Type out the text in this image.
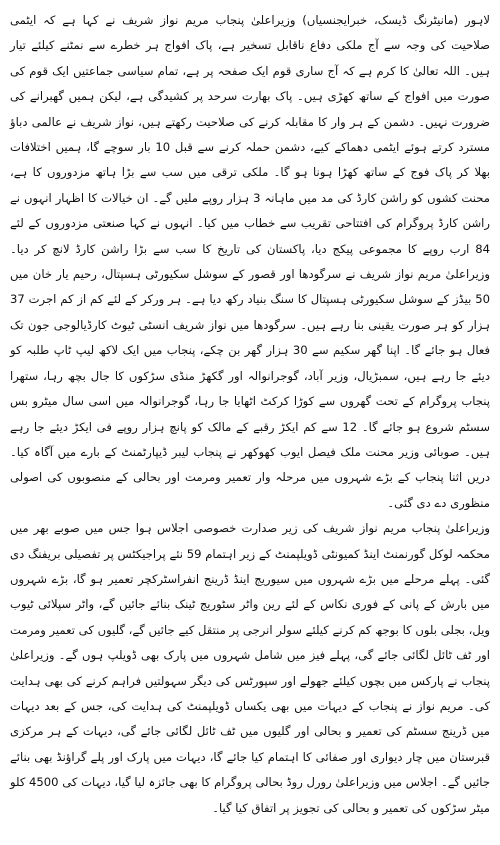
لاہور (مانیٹرنگ ڈیسک، خبرایجنسیاں) وزیراعلیٰ پنجاب مریم نواز شریف نے کہا ہے کہ ایٹمی صلاحیت کی وجہ سے آج ملکی دفاع ناقابل تسخیر ہے، پاک افواج ہر خطرے سے نمٹنے کیلئے تیار ہیں۔ اللہ تعالیٰ کا کرم ہے کہ آج ساری قوم ایک صفحہ پر ہے، تمام سیاسی جماعتیں ایک قوم کی صورت میں افواج کے ساتھ کھڑی ہیں۔ پاک بھارت سرحد پر کشیدگی ہے، لیکن ہمیں گھبرانے کی ضرورت نہیں۔ دشمن کے ہر وار کا مقابلہ کرنے کی صلاحیت رکھتے ہیں، نواز شریف نے عالمی دباؤ مسترد کرتے ہوئے ایٹمی دھماکے کیے، دشمن حملہ کرنے سے قبل 10 بار سوچے گا، ہمیں اختلافات بھلا کر پاک فوج کے ساتھ کھڑا ہونا ہو گا۔ ملکی ترقی میں سب سے بڑا ہاتھ مزدوروں کا ہے، محنت کشوں کو راشن کارڈ کی مد میں ماہانہ 3 ہزار روپے ملیں گے۔ ان خیالات کا اظہار انہوں نے راشن کارڈ پروگرام کی افتتاحی تقریب سے خطاب میں کیا۔ انہوں نے کہا صنعتی مزدوروں کے لئے 84 ارب روپے کا مجموعی پیکج دیا، پاکستان کی تاریخ کا سب سے بڑا راشن کارڈ لانچ کر دیا۔ وزیراعلیٰ مریم نواز شریف نے سرگودھا اور قصور کے سوشل سکیورٹی ہسپتال، رحیم یار خان میں 50 بیڈز کے سوشل سکیورٹی ہسپتال کا سنگ بنیاد رکھ دیا ہے۔ ہر ورکر کے لئے کم از کم اجرت 37 ہزار کو ہر صورت یقینی بنا رہے ہیں۔ سرگودھا میں نواز شریف انسٹی ٹیوٹ کارڈیالوجی جون تک فعال ہو جائے گا۔ اپنا گھر سکیم سے 30 ہزار گھر بن چکے، پنجاب میں ایک لاکھ لیپ ٹاپ طلبہ کو دیئے جا رہے ہیں، سمبڑیال، وزیر آباد، گوجرانوالہ اور گکھڑ منڈی سڑکوں کا جال بچھ رہا، ستھرا پنجاب پروگرام کے تحت گھروں سے کوڑا کرکٹ اٹھایا جا رہا، گوجرانوالہ میں اسی سال میٹرو بس سسٹم شروع ہو جائے گا۔ 12 سے کم ایکڑ رقبے کے مالک کو پانچ ہزار روپے فی ایکڑ دیئے جا رہے ہیں۔ صوبائی وزیر محنت ملک فیصل ایوب کھوکھر نے پنجاب لیبر ڈیپارٹمنٹ کے بارے میں آگاہ کیا۔ دریں اثنا پنجاب کے بڑے شہروں میں مرحلہ وار تعمیر ومرمت اور بحالی کے منصوبوں کی اصولی منظوری دے دی گئی۔

وزیراعلیٰ پنجاب مریم نواز شریف کی زیر صدارت خصوصی اجلاس ہوا جس میں صوبے بھر میں محکمہ لوکل گورنمنٹ اینڈ کمیونٹی ڈویلپمنٹ کے زیر اہتمام 59 نئے پراجیکٹس پر تفصیلی بریفنگ دی گئی۔ پہلے مرحلے میں بڑے شہروں میں سیوریج اینڈ ڈرینج انفراسٹرکچر تعمیر ہو گا، بڑے شہروں میں بارش کے پانی کے فوری نکاس کے لئے رین واٹر سٹوریج ٹینک بنائے جائیں گے، واٹر سپلائی ٹیوب ویل، بجلی بلوں کا بوجھ کم کرنے کیلئے سولر انرجی پر منتقل کیے جائیں گے، گلیوں کی تعمیر ومرمت اور ٹف ٹائل لگائی جائے گی، پہلے فیز میں شامل شہروں میں پارک بھی ڈویلپ ہوں گے۔ وزیراعلیٰ پنجاب نے پارکس میں بچوں کیلئے جھولے اور سپورٹس کی دیگر سہولتیں فراہم کرنے کی بھی ہدایت کی۔ مریم نواز نے پنجاب کے دیہات میں بھی یکساں ڈویلپمنٹ کی ہدایت کی، جس کے بعد دیہات میں ڈرینج سسٹم کی تعمیر و بحالی اور گلیوں میں ٹف ٹائل لگائی جائے گی، دیہات کے ہر مرکزی قبرستان میں چار دیواری اور صفائی کا اہتمام کیا جائے گا، دیہات میں پارک اور پلے گراؤنڈ بھی بنائے جائیں گے۔ اجلاس میں وزیراعلیٰ رورل روڈ بحالی پروگرام کا بھی جائزہ لیا گیا، دیہات کی 4500 کلو میٹر سڑکوں کی تعمیر و بحالی کی تجویز پر اتفاق کیا گیا۔
